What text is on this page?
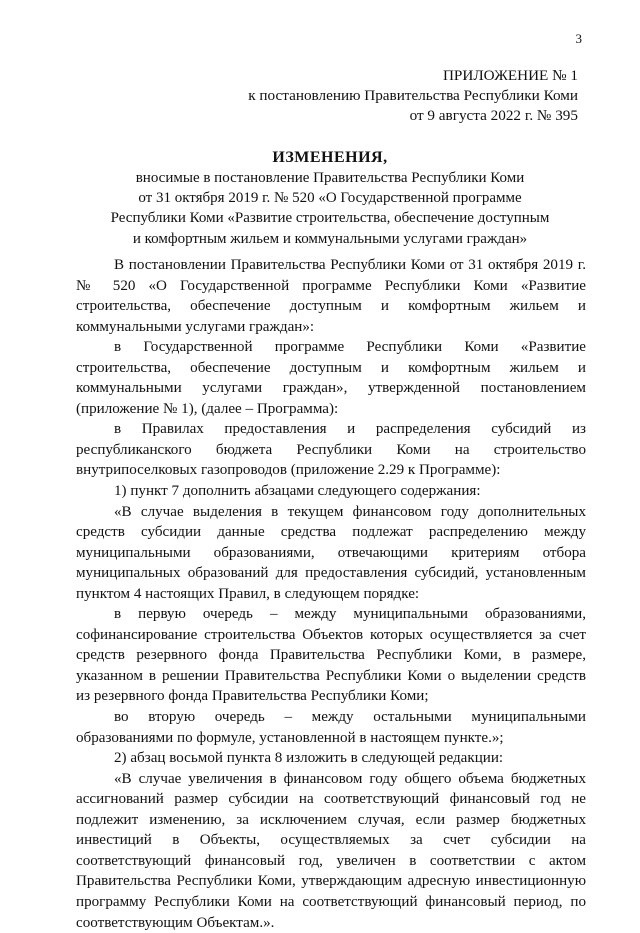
3
ПРИЛОЖЕНИЕ № 1
к постановлению Правительства Республики Коми
от 9 августа 2022 г. № 395
ИЗМЕНЕНИЯ,
вносимые в постановление Правительства Республики Коми
от 31 октября 2019 г. № 520 «О Государственной программе
Республики Коми «Развитие строительства, обеспечение доступным
и комфортным жильем и коммунальными услугами граждан»

В постановлении Правительства Республики Коми от 31 октября 2019 г. № 520 «О Государственной программе Республики Коми «Развитие строительства, обеспечение доступным и комфортным жильем и коммунальными услугами граждан»:

в Государственной программе Республики Коми «Развитие строительства, обеспечение доступным и комфортным жильем и коммунальными услугами граждан», утвержденной постановлением (приложение № 1), (далее – Программа):

в Правилах предоставления и распределения субсидий из республиканского бюджета Республики Коми на строительство внутрипоселковых газопроводов (приложение 2.29 к Программе):

1) пункт 7 дополнить абзацами следующего содержания:

«В случае выделения в текущем финансовом году дополнительных средств субсидии данные средства подлежат распределению между муниципальными образованиями, отвечающими критериям отбора муниципальных образований для предоставления субсидий, установленным пунктом 4 настоящих Правил, в следующем порядке:

в первую очередь – между муниципальными образованиями, софинансирование строительства Объектов которых осуществляется за счет средств резервного фонда Правительства Республики Коми, в размере, указанном в решении Правительства Республики Коми о выделении средств из резервного фонда Правительства Республики Коми;

во вторую очередь – между остальными муниципальными образованиями по формуле, установленной в настоящем пункте.»;

2) абзац восьмой пункта 8 изложить в следующей редакции:

«В случае увеличения в финансовом году общего объема бюджетных ассигнований размер субсидии на соответствующий финансовый год не подлежит изменению, за исключением случая, если размер бюджетных инвестиций в Объекты, осуществляемых за счет субсидии на соответствующий финансовый год, увеличен в соответствии с актом Правительства Республики Коми, утверждающим адресную инвестиционную программу Республики Коми на соответствующий финансовый период, по соответствующим Объектам.».
